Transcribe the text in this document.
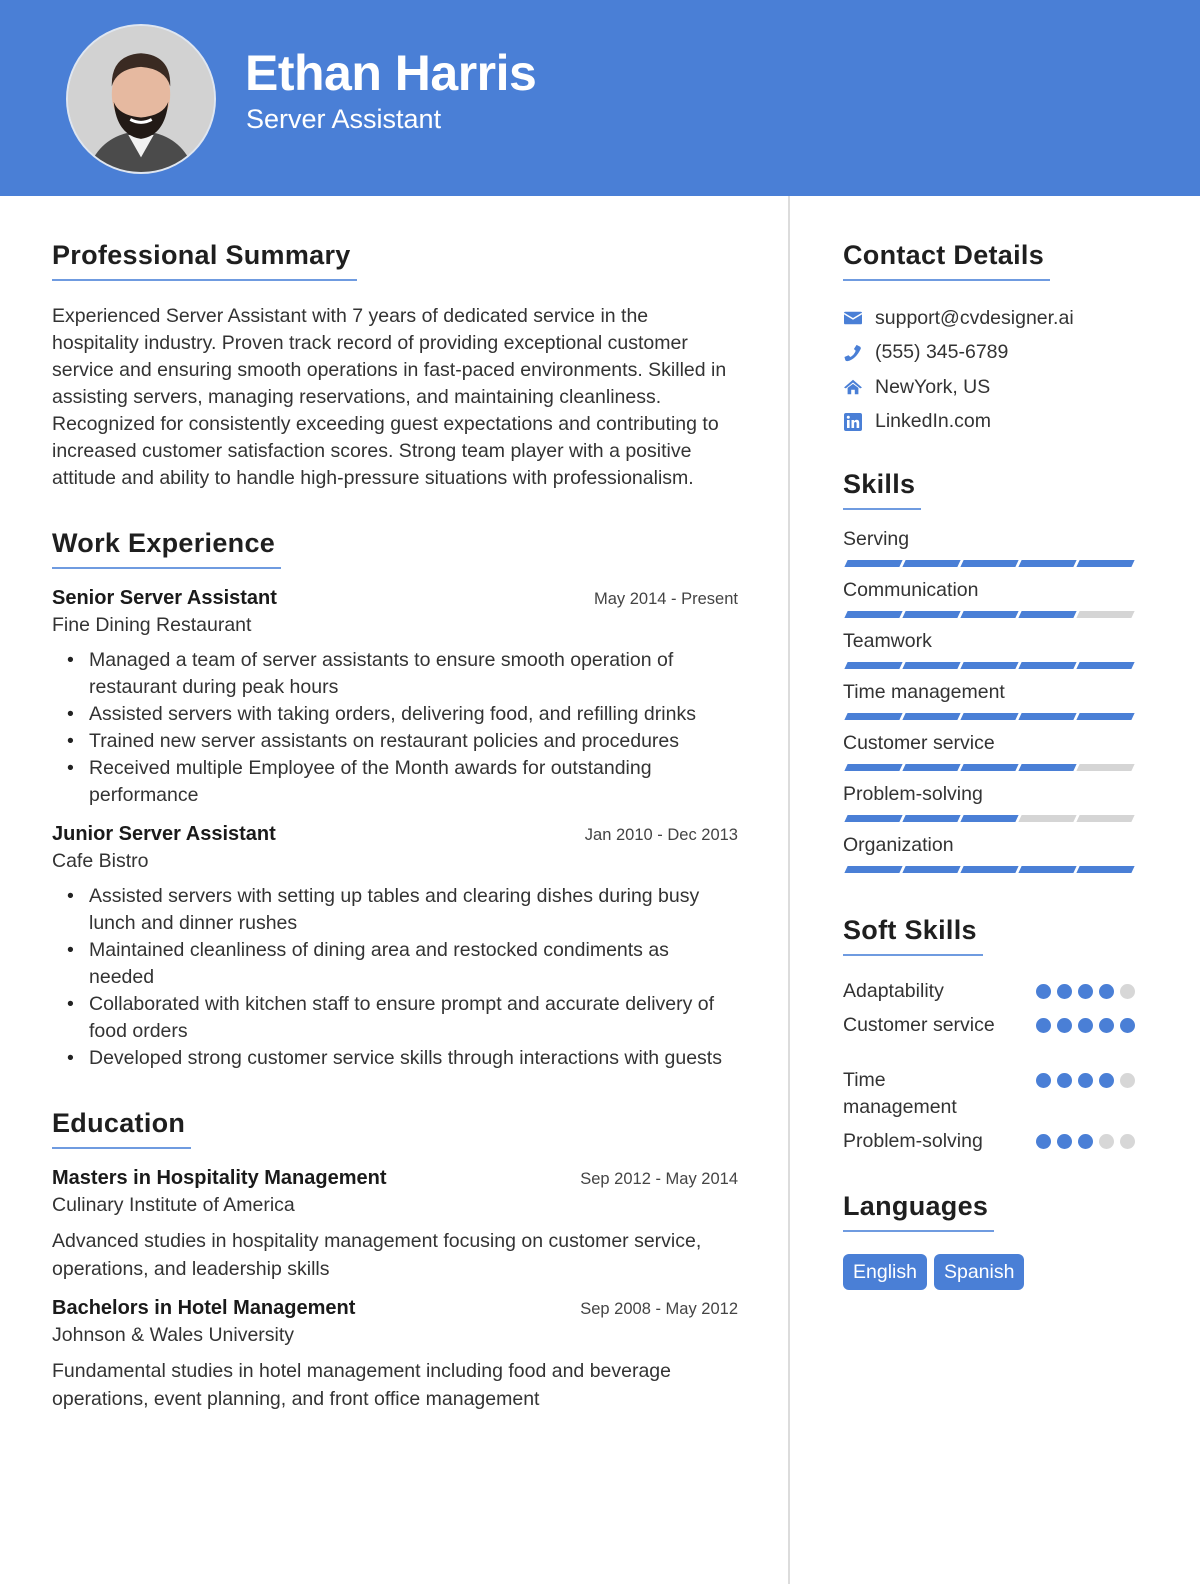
Ethan Harris
Server Assistant
Professional Summary

Experienced Server Assistant with 7 years of dedicated service in the hospitality industry. Proven track record of providing exceptional customer service and ensuring smooth operations in fast-paced environments. Skilled in assisting servers, managing reservations, and maintaining cleanliness. Recognized for consistently exceeding guest expectations and contributing to increased customer satisfaction scores. Strong team player with a positive attitude and ability to handle high-pressure situations with professionalism.

Work Experience
Senior Server Assistant	May 2014 - Present
Fine Dining Restaurant
• Managed a team of server assistants to ensure smooth operation of restaurant during peak hours
• Assisted servers with taking orders, delivering food, and refilling drinks
• Trained new server assistants on restaurant policies and procedures
• Received multiple Employee of the Month awards for outstanding performance
Junior Server Assistant	Jan 2010 - Dec 2013
Cafe Bistro
• Assisted servers with setting up tables and clearing dishes during busy lunch and dinner rushes
• Maintained cleanliness of dining area and restocked condiments as needed
• Collaborated with kitchen staff to ensure prompt and accurate delivery of food orders
• Developed strong customer service skills through interactions with guests
Education
Masters in Hospitality Management	Sep 2012 - May 2014
Culinary Institute of America

Advanced studies in hospitality management focusing on customer service, operations, and leadership skills

Bachelors in Hotel Management	Sep 2008 - May 2012
Johnson & Wales University

Fundamental studies in hotel management including food and beverage operations, event planning, and front office management

Contact Details
support@cvdesigner.ai
(555) 345-6789
NewYork, US
LinkedIn.com
Skills
Serving
Communication
Teamwork
Time management
Customer service
Problem-solving
Organization
Soft Skills
Adaptability
Customer service
Time management
Problem-solving
Languages
English	Spanish
